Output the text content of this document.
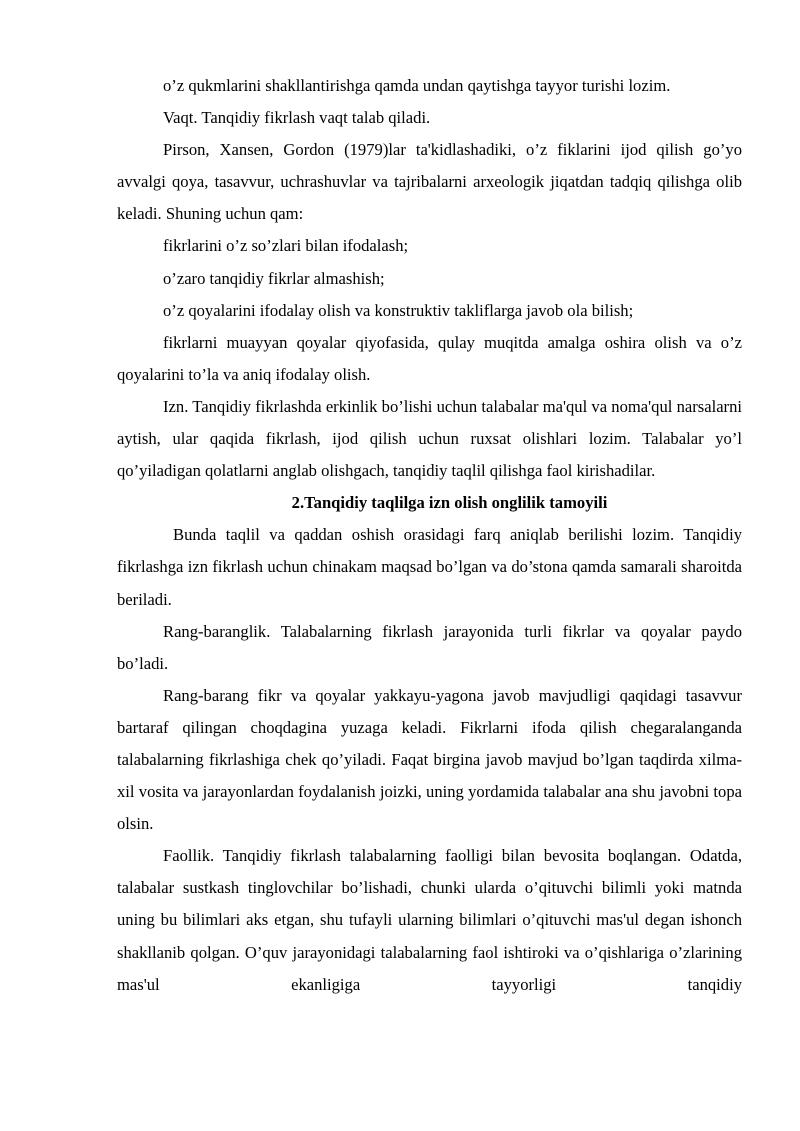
o’z qukmlarini shakllantirishga qamda undan qaytishga tayyor turishi lozim.

Vaqt. Tanqidiy fikrlash vaqt talab qiladi.

Pirson, Xansen, Gordon (1979)lar ta'kidlashadiki, o’z fiklarini ijod qilish go’yo avvalgi qoya, tasavvur, uchrashuvlar va tajribalarni arxeologik jiqatdan tadqiq qilishga olib keladi. Shuning uchun qam:

fikrlarini o’z so’zlari bilan ifodalash;

o’zaro tanqidiy fikrlar almashish;

o’z qoyalarini ifodalay olish va konstruktiv takliflarga javob ola bilish;

fikrlarni muayyan qoyalar qiyofasida, qulay muqitda amalga oshira olish va o’z qoyalarini to’la va aniq ifodalay olish.

Izn. Tanqidiy fikrlashda erkinlik bo’lishi uchun talabalar ma'qul va noma'qul narsalarni aytish, ular qaqida fikrlash, ijod qilish uchun ruxsat olishlari lozim. Talabalar yo’l qo’yiladigan qolatlarni anglab olishgach, tanqidiy taqlil qilishga faol kirishadilar.

2.Tanqidiy taqlilga izn olish onglilik tamoyili

Bunda taqlil va qaddan oshish orasidagi farq aniqlab berilishi lozim. Tanqidiy fikrlashga izn fikrlash uchun chinakam maqsad bo’lgan va do’stona qamda samarali sharoitda beriladi.

Rang-baranglik. Talabalarning fikrlash jarayonida turli fikrlar va qoyalar paydo bo’ladi.

Rang-barang fikr va qoyalar yakkayu-yagona javob mavjudligi qaqidagi tasavvur bartaraf qilingan choqdagina yuzaga keladi. Fikrlarni ifoda qilish chegaralanganda talabalarning fikrlashiga chek qo’yiladi. Faqat birgina javob mavjud bo’lgan taqdirda xilma-xil vosita va jarayonlardan foydalanish joizki, uning yordamida talabalar ana shu javobni topa olsin.

Faollik. Tanqidiy fikrlash talabalarning faolligi bilan bevosita boqlangan. Odatda, talabalar sustkash tinglovchilar bo’lishadi, chunki ularda o’qituvchi bilimli yoki matnda uning bu bilimlari aks etgan, shu tufayli ularning bilimlari o’qituvchi mas'ul degan ishonch shakllanib qolgan. O’quv jarayonidagi talabalarning faol ishtiroki va o’qishlariga o’zlarining mas'ul ekanligiga tayyorligi tanqidiy
